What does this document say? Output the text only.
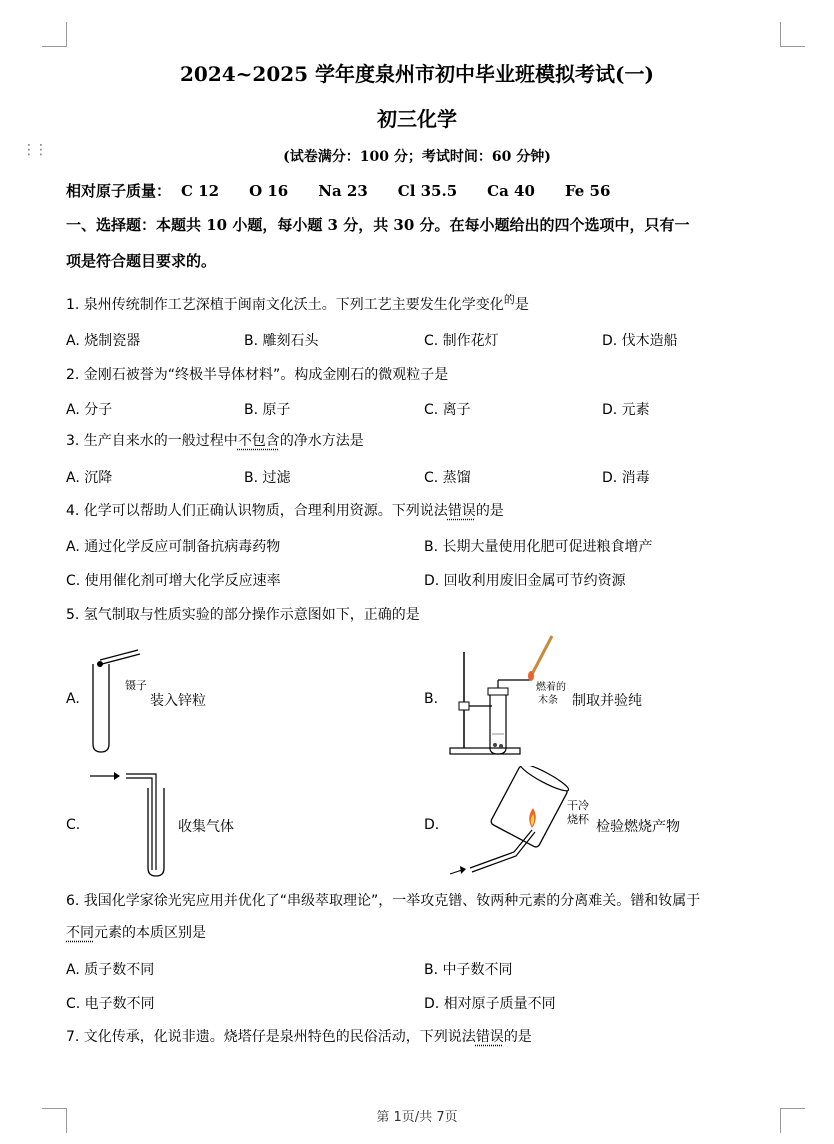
⋮⋮
2024~2025 学年度泉州市初中毕业班模拟考试(一)
初三化学
(试卷满分：100 分；考试时间：60 分钟)
相对原子质量： C 12 O 16 Na 23 Cl 35.5 Ca 40 Fe 56
一、选择题：本题共 10 小题，每小题 3 分，共 30 分。在每小题给出的四个选项中，只有一
项是符合题目要求的。
1. 泉州传统制作工艺深植于闽南文化沃土。下列工艺主要发生化学变化$^的$是
A. 烧制瓷器	B. 雕刻石头	C. 制作花灯	D. 伐木造船
2. 金刚石被誉为“终极半导体材料”。构成金刚石的微观粒子是
A. 分子	B. 原子	C. 离子	D. 元素
3. 生产自来水的一般过程中不包含的净水方法是
A. 沉降	B. 过滤	C. 蒸馏	D. 消毒
4. 化学可以帮助人们正确认识物质，合理利用资源。下列说法错误的是
A. 通过化学反应可制备抗病毒药物	B. 长期大量使用化肥可促进粮食增产
C. 使用催化剂可增大化学反应速率	D. 回收利用废旧金属可节约资源
5. 氢气制取与性质实验的部分操作示意图如下，正确的是
A.
镊子
装入锌粒	B.
燃着的
木条 制取并验纯
C.	收集气体	D.
干冷
烧杯 检验燃烧产物
6. 我国化学家徐光宪应用并优化了“串级萃取理论”，一举攻克镨、钕两种元素的分离难关。镨和钕属于
不同元素的本质区别是
A. 质子数不同	B. 中子数不同
C. 电子数不同	D. 相对原子质量不同
7. 文化传承，化说非遗。烧塔仔是泉州特色的民俗活动，下列说法错误的是
第 1页/共 7页
